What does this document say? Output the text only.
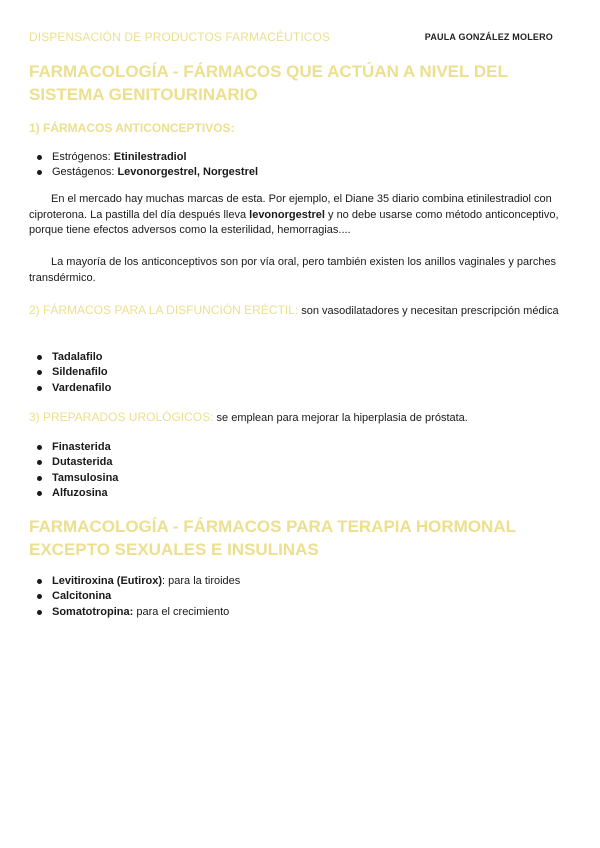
DISPENSACIÓN DE PRODUCTOS FARMACÉUTICOS	PAULA GONZÁLEZ MOLERO
FARMACOLOGÍA - FÁRMACOS QUE ACTÚAN A NIVEL DEL SISTEMA GENITOURINARIO
1) FÁRMACOS ANTICONCEPTIVOS:
Estrógenos: Etinilestradiol
Gestágenos: Levonorgestrel, Norgestrel

En el mercado hay muchas marcas de esta. Por ejemplo, el Diane 35 diario combina etinilestradiol con ciproterona. La pastilla del día después lleva levonorgestrel y no debe usarse como método anticonceptivo, porque tiene efectos adversos como la esterilidad, hemorragias....

La mayoría de los anticonceptivos son por vía oral, pero también existen los anillos vaginales y parches transdérmico.

2) FÁRMACOS PARA LA DISFUNCIÓN ERÉCTIL: son vasodilatadores y necesitan prescripción médica

Tadalafilo
Sildenafilo
Vardenafilo

3) PREPARADOS UROLÓGICOS: se emplean para mejorar la hiperplasia de próstata.

Finasterida
Dutasterida
Tamsulosina
Alfuzosina
FARMACOLOGÍA - FÁRMACOS PARA TERAPIA HORMONAL EXCEPTO SEXUALES E INSULINAS
Levitiroxina (Eutirox): para la tiroides
Calcitonina
Somatotropina: para el crecimiento
